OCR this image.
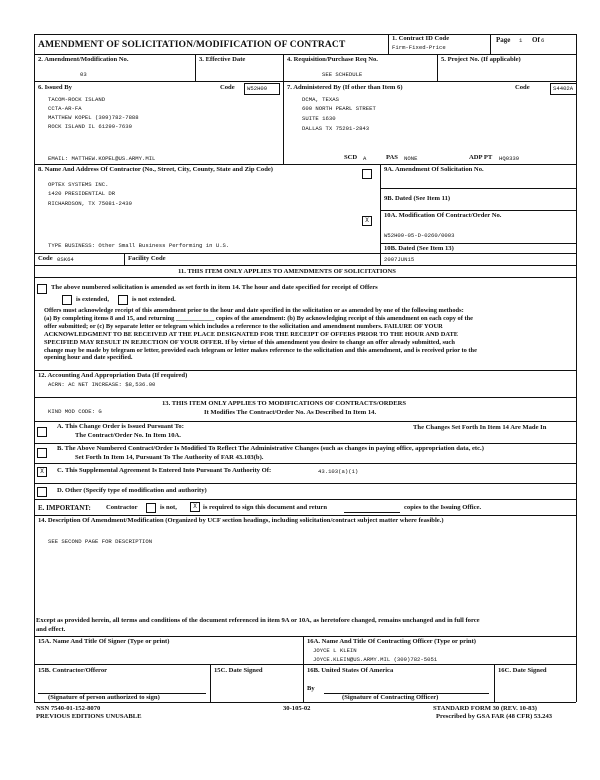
AMENDMENT OF SOLICITATION/MODIFICATION OF CONTRACT
1. Contract ID Code
Firm-Fixed-Price
Page 1 Of 6
2. Amendment/Modification No.
03
3. Effective Date	4. Requisition/Purchase Req No.
SEE SCHEDULE
5. Project No. (If applicable)
6. Issued By	Code	W52H09
TACOM-ROCK ISLAND
CCTA-AR-FA
MATTHEW KOPEL (309)782-7888
ROCK ISLAND IL 61299-7630
EMAIL: MATTHEW.KOPEL@US.ARMY.MIL
7. Administered By (If other than Item 6)	Code	S4402A
DCMA, TEXAS
600 NORTH PEARL STREET
SUITE 1630
DALLAS TX 75201-2843
SCD A	PAS NONE	ADP PT HQ0339
8. Name And Address Of Contractor (No., Street, City, County, State and Zip Code)
OPTEX SYSTEMS INC.
1420 PRESIDENTIAL DR
RICHARDSON, TX 75081-2439
TYPE BUSINESS: Other Small Business Performing in U.S.
Code 0SK64	Facility Code
9A. Amendment Of Solicitation No.
9B. Dated (See Item 11)
X
10A. Modification Of Contract/Order No.
W52H09-05-D-0260/0003
10B. Dated (See Item 13)
2007JUN15
11. THIS ITEM ONLY APPLIES TO AMENDMENTS OF SOLICITATIONS
The above numbered solicitation is amended as set forth in item 14. The hour and date specified for receipt of Offers
is extended,	is not extended.

Offers must acknowledge receipt of this amendment prior to the hour and date specified in the solicitation or as amended by one of the following methods:

(a) By completing items 8 and 15, and returning ____________ copies of the amendment: (b) By acknowledging receipt of this amendment on each copy of the

offer submitted; or (c) By separate letter or telegram which includes a reference to the solicitation and amendment numbers. FAILURE OF YOUR

ACKNOWLEDGMENT TO BE RECEIVED AT THE PLACE DESIGNATED FOR THE RECEIPT OF OFFERS PRIOR TO THE HOUR AND DATE

SPECIFIED MAY RESULT IN REJECTION OF YOUR OFFER. If by virtue of this amendment you desire to change an offer already submitted, such

change may be made by telegram or letter, provided each telegram or letter makes reference to the solicitation and this amendment, and is received prior to the

opening hour and date specified.

12. Accounting And Appropriation Data (If required)
ACRN: AC NET INCREASE: $8,536.00
KIND MOD CODE: G
13. THIS ITEM ONLY APPLIES TO MODIFICATIONS OF CONTRACTS/ORDERS
It Modifies The Contract/Order No. As Described In Item 14.
A. This Change Order is Issued Pursuant To:	The Changes Set Forth In Item 14 Are Made In
The Contract/Order No. In Item 10A.
B. The Above Numbered Contract/Order Is Modified To Reflect The Administrative Changes (such as changes in paying office, appropriation data, etc.)
Set Forth In Item 14, Pursuant To The Authority of FAR 43.103(b).
X	C. This Supplemental Agreement Is Entered Into Pursuant To Authority Of:	43.103(a)(1)
D. Other (Specify type of modification and authority)
E. IMPORTANT: Contractor	is not,	X is required to sign this document and return	copies to the Issuing Office.
14. Description Of Amendment/Modification (Organized by UCF section headings, including solicitation/contract subject matter where feasible.)
SEE SECOND PAGE FOR DESCRIPTION
Except as provided herein, all terms and conditions of the document referenced in item 9A or 10A, as heretofore changed, remains unchanged and in full force
and effect.
15A. Name And Title Of Signer (Type or print)	16A. Name And Title Of Contracting Officer (Type or print)
JOYCE L KLEIN
JOYCE.KLEIN@US.ARMY.MIL (309)782-5051
15B. Contractor/Offeror	15C. Date Signed	16B. United States Of America	16C. Date Signed
By
(Signature of person authorized to sign)	(Signature of Contracting Officer)
NSN 7540-01-152-8070
PREVIOUS EDITIONS UNUSABLE
30-105-02	STANDARD FORM 30 (REV. 10-83)
Prescribed by GSA FAR (48 CFR) 53.243
